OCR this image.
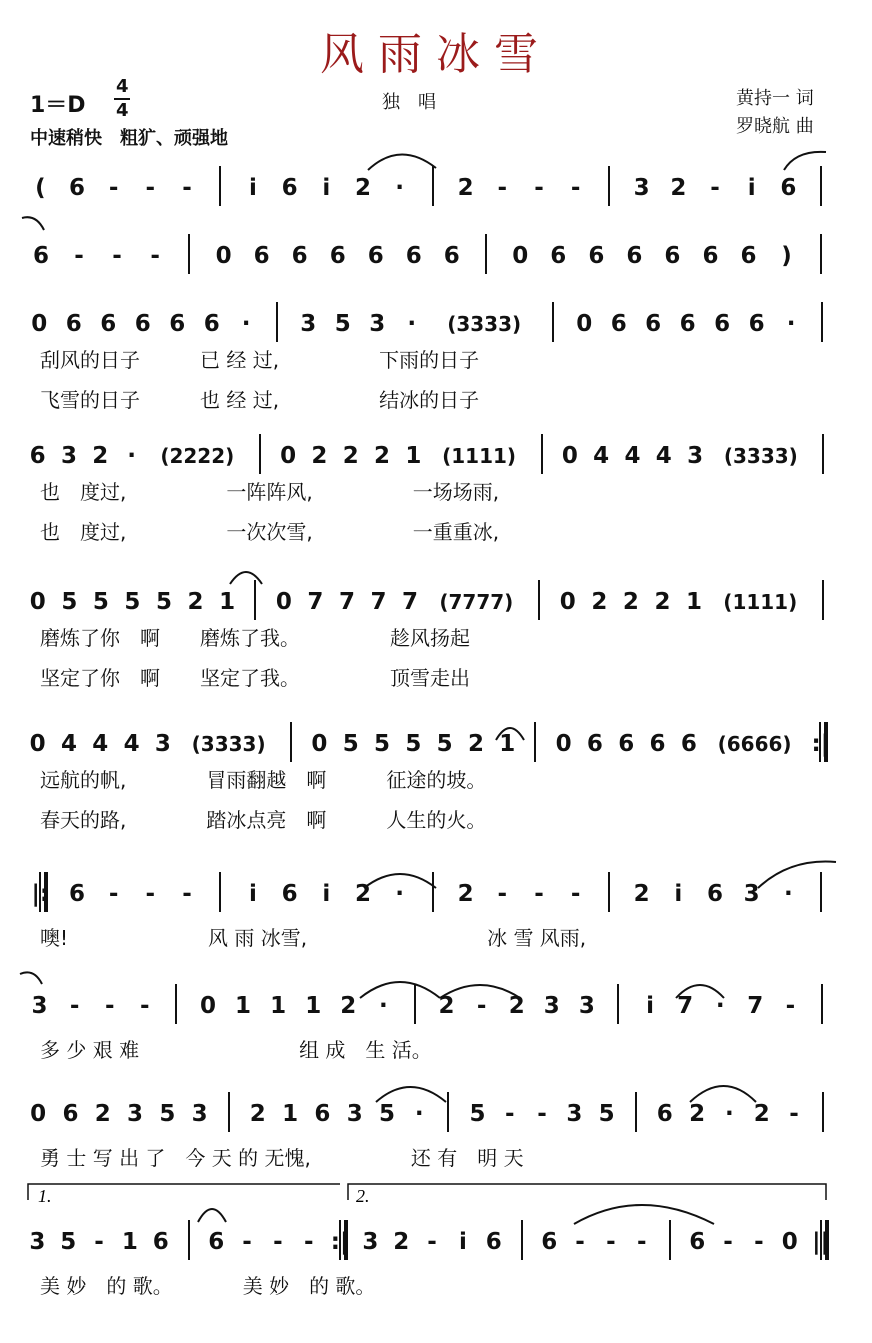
风雨冰雪
1＝D
4
4	独　唱
中速稍快　粗犷、顽强地
黄持一 词
罗晓航 曲
(	6	-	-	-	i	6	i	2	·	2	-	-	-	3 2	-	i	6
6	-	-	-	0 6 6 6 6 6 6	0 6 6 6 6 6 6	)
0 6 6 6 6 6 ·	3 5 3 ·	(3333)	0 6 6 6 6 6 ·
刮风的日子　　　已 经 过,　　　　　下雨的日子
飞雪的日子　　　也 经 过,　　　　　结冰的日子
6 3 2 ·	(2222)	0 2 2 2 1	(1111)	0 4 4 4 3	(3333)
也　度过,　　　　　一阵阵风,　　　　　一场场雨,
也　度过,　　　　　一次次雪,　　　　　一重重冰,
0 5 5 5 5 2 1	0 7 7 7 7	(7777)	0 2 2 2 1	(1111)
磨炼了你　啊　　磨炼了我。　　　　　趁风扬起
坚定了你　啊　　坚定了我。　　　　　顶雪走出
0 4 4 4 3	(3333)	0 5 5 5 5 2 1	0 6 6 6 6	(6666) :|
远航的帆,　　　　冒雨翻越　啊　　　征途的坡。
春天的路,　　　　踏冰点亮　啊　　　人生的火。
|: 6	-	-	-	i	6	i	2	·	2	-	-	-	2	i	6 3	·
噢!　　　　　　　风 雨 冰雪,　　　　　　　　　冰 雪 风雨,
3 -	-	-	0 1 1 1 2 ·	2 - 2 3 3	i	7 · 7 -
多 少 艰 难　　　　　　　　组 成　生 活。
0 6 2 3 5 3	2 1 6 3 5 ·	5 - - 3 5	6 2 · 2 -
勇 士 写 出 了　今 天 的 无愧,　　　　　还 有　明 天
3 5 - 1 6	6 - - - :| 3 2 - i 6	6 - - -	6 - - 0 ||
美 妙　的 歌。　　　　美 妙　的 歌。
1.	2.
